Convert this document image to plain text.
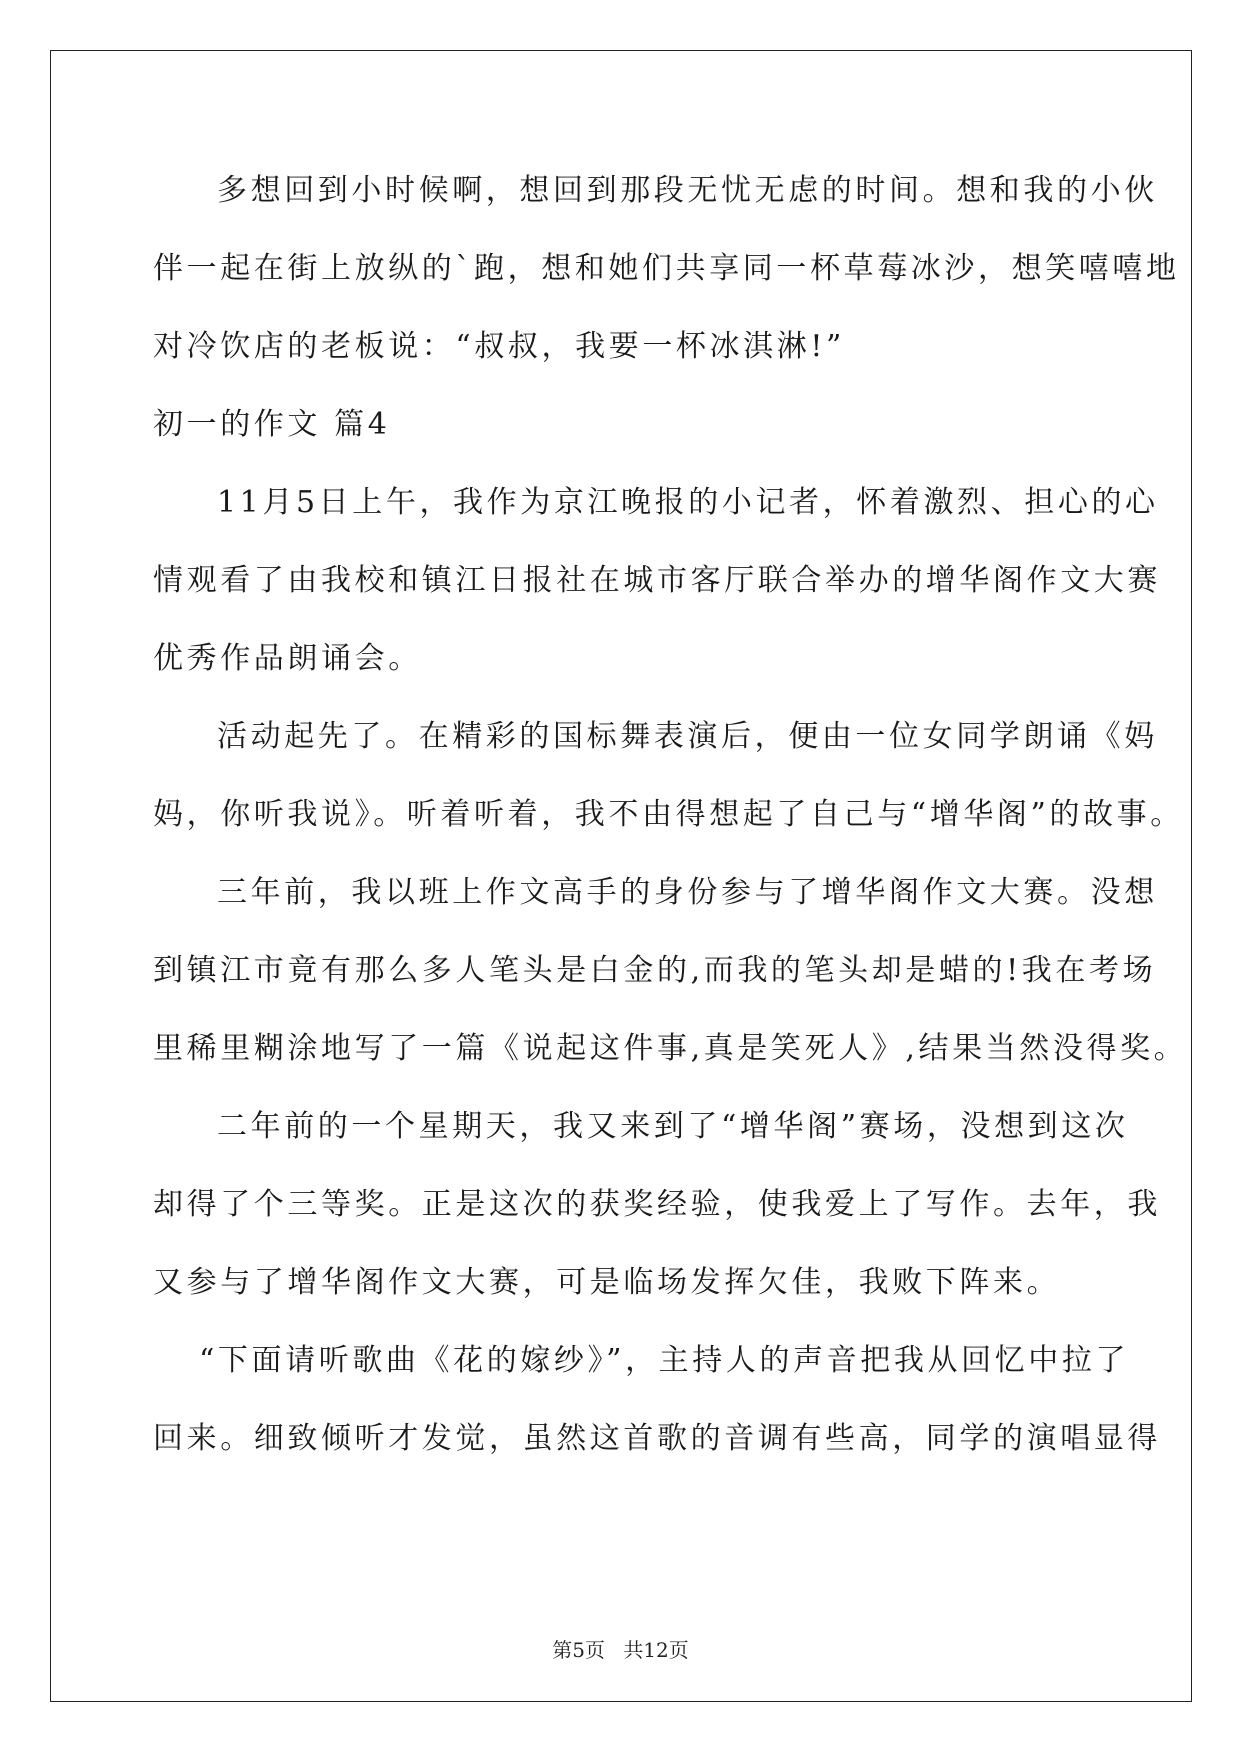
多想回到小时候啊，想回到那段无忧无虑的时间。想和我的小伙
伴一起在街上放纵的`跑，想和她们共享同一杯草莓冰沙，想笑嘻嘻地
对冷饮店的老板说：“叔叔，我要一杯冰淇淋!”
初一的作文 篇4
11月5日上午，我作为京江晚报的小记者，怀着激烈、担心的心
情观看了由我校和镇江日报社在城市客厅联合举办的增华阁作文大赛
优秀作品朗诵会。
活动起先了。在精彩的国标舞表演后，便由一位女同学朗诵《妈
妈，你听我说》。听着听着，我不由得想起了自己与“增华阁”的故事。
三年前，我以班上作文高手的身份参与了增华阁作文大赛。没想
到镇江市竟有那么多人笔头是白金的,而我的笔头却是蜡的!我在考场
里稀里糊涂地写了一篇《说起这件事,真是笑死人》,结果当然没得奖。
二年前的一个星期天，我又来到了“增华阁”赛场，没想到这次
却得了个三等奖。正是这次的获奖经验，使我爱上了写作。去年，我
又参与了增华阁作文大赛，可是临场发挥欠佳，我败下阵来。
“下面请听歌曲《花的嫁纱》”，主持人的声音把我从回忆中拉了
回来。细致倾听才发觉，虽然这首歌的音调有些高，同学的演唱显得
第5页 共12页
